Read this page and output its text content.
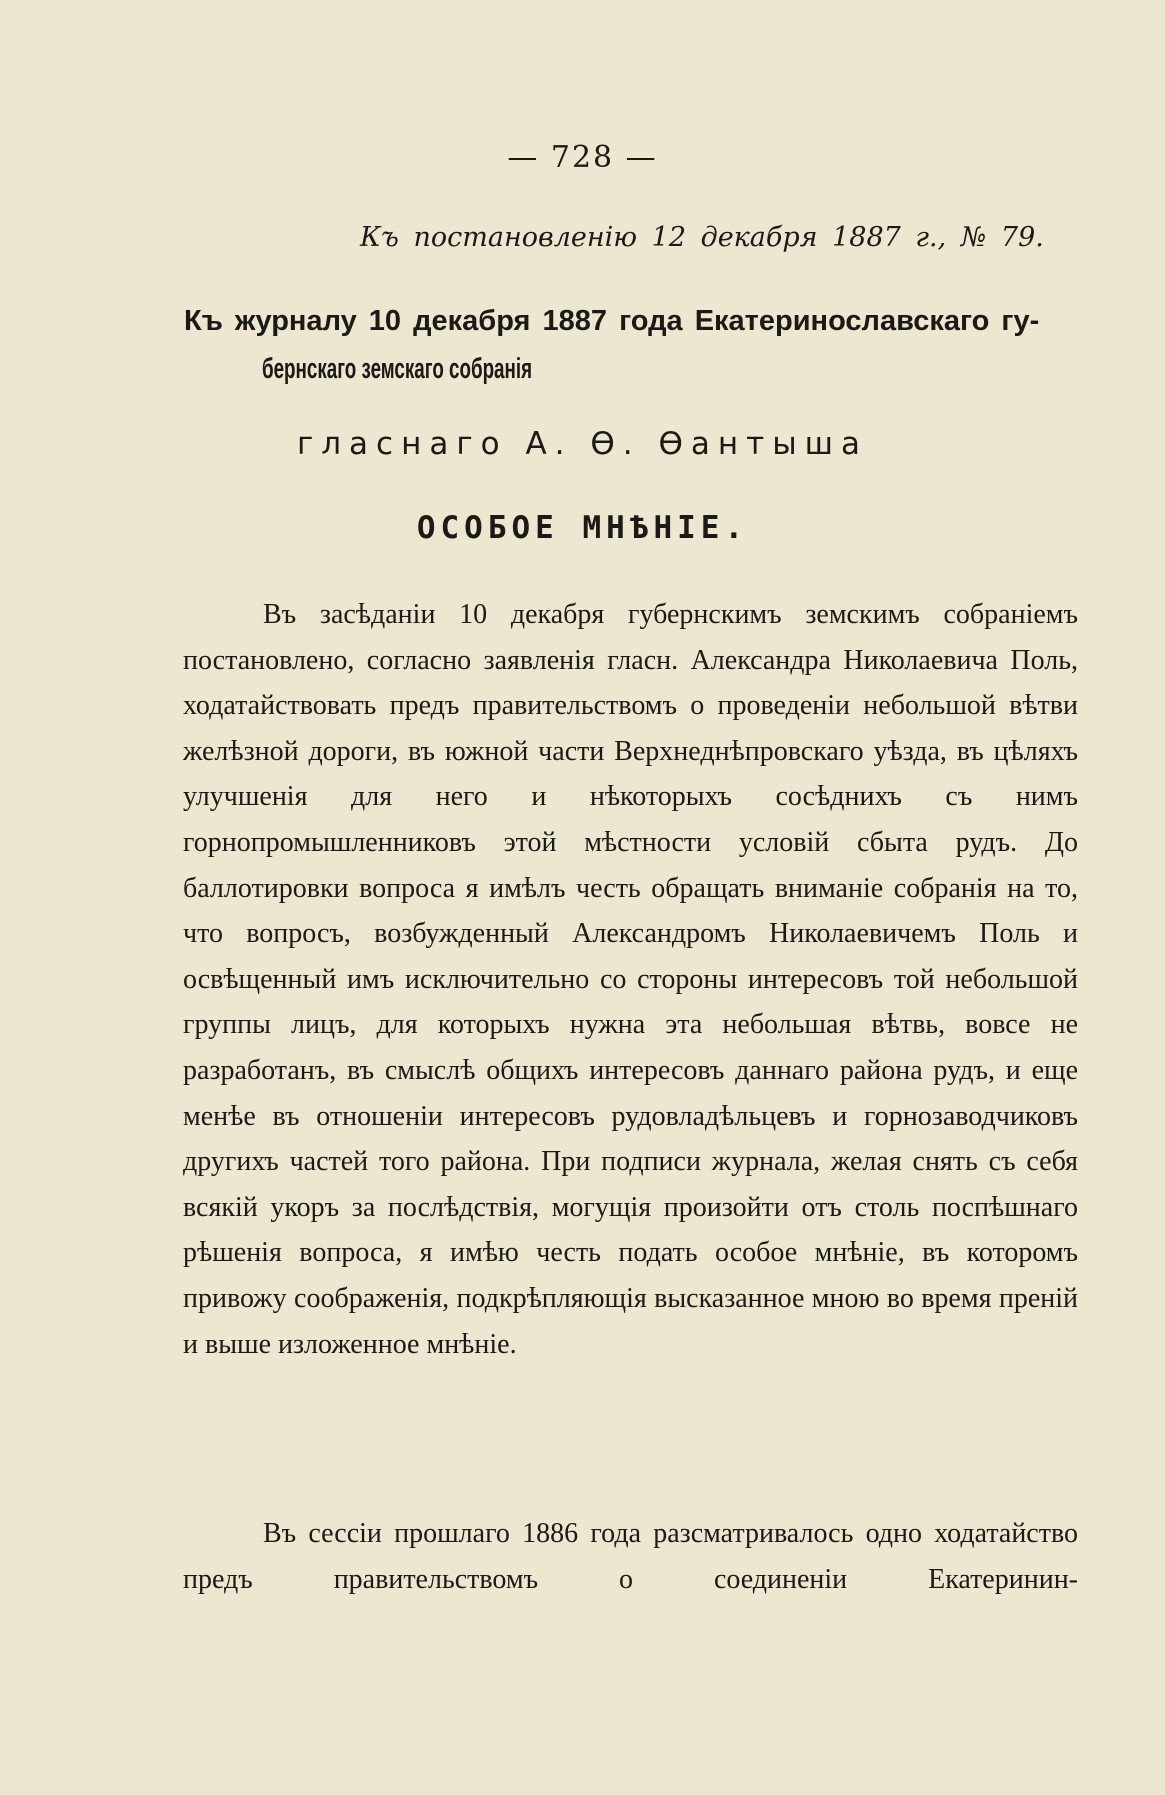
— 728 —
Къ постановленію 12 декабря 1887 г., № 79.
Къ журналу 10 декабря 1887 года Екатеринославскаго гу-
бернскаго земскаго собранія
гласнаго А. Ѳ. Ѳантыша
ОСОБОЕ МНѢНІЕ.

Въ засѣданіи 10 декабря губернскимъ земскимъ собраніемъ постановлено, согласно заявленія гласн. Александра Николаевича Поль, ходатайствовать предъ правительствомъ о проведеніи небольшой вѣтви желѣзной дороги, въ южной части Верхнеднѣпровскаго уѣзда, въ цѣляхъ улучшенія для него и нѣкоторыхъ сосѣднихъ съ нимъ горнопромышленниковъ этой мѣстности условій сбыта рудъ. До баллотировки вопроса я имѣлъ честь обращать вниманіе собранія на то, что вопросъ, возбужденный Александромъ Николаевичемъ Поль и освѣщенный имъ исключительно со стороны интересовъ той небольшой группы лицъ, для которыхъ нужна эта небольшая вѣтвь, вовсе не разработанъ, въ смыслѣ общихъ интересовъ даннаго района рудъ, и еще менѣе въ отношеніи интересовъ рудовладѣльцевъ и горнозаводчиковъ другихъ частей того района. При подписи журнала, желая снять съ себя всякій укоръ за послѣдствія, могущія произойти отъ столь поспѣшнаго рѣшенія вопроса, я имѣю честь подать особое мнѣніе, въ которомъ привожу соображенія, подкрѣпляющія высказанное мною во время преній и выше изложенное мнѣніе.

Въ сессіи прошлаго 1886 года разсматривалось одно ходатайство предъ правительствомъ о соединеніи Екатеринин-
